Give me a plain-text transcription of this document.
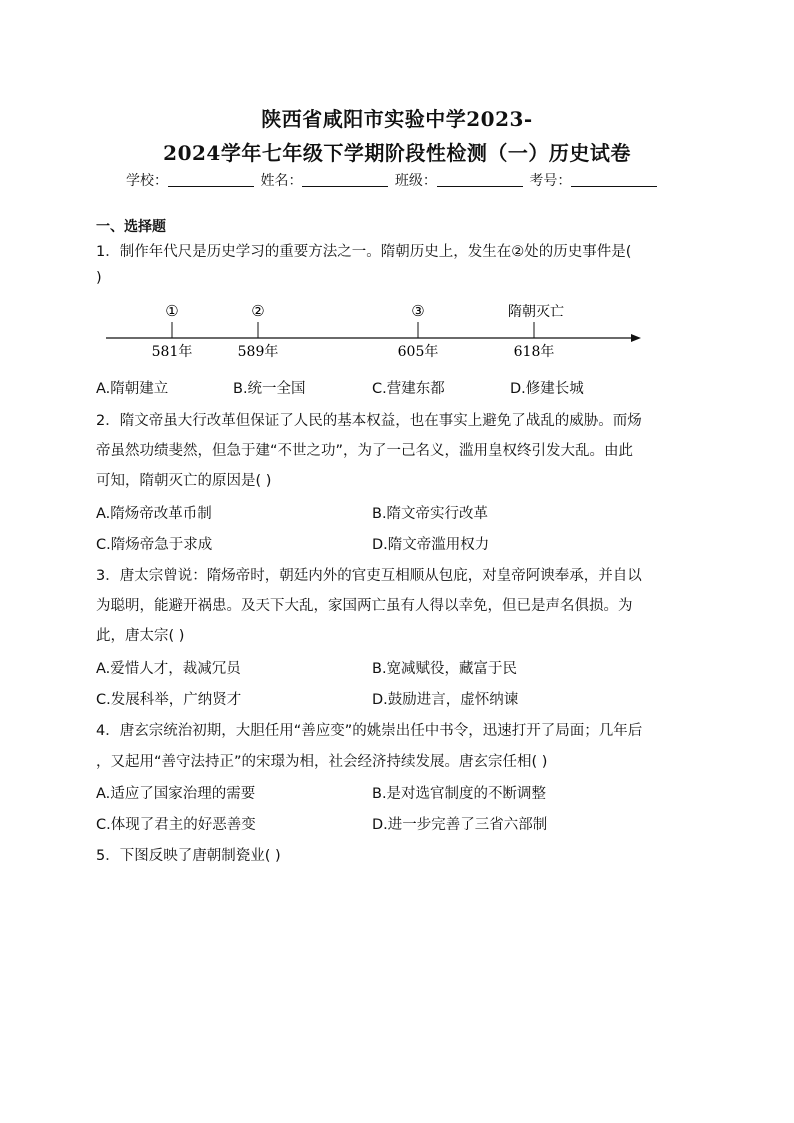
陕西省咸阳市实验中学2023-
2024学年七年级下学期阶段性检测（一）历史试卷
学校：	姓名：	班级：	考号：
一、选择题
1．制作年代尺是历史学习的重要方法之一。隋朝历史上，发生在②处的历史事件是(
)
①	②	③	隋朝灭亡
581年	589年	605年	618年
A.隋朝建立	B.统一全国	C.营建东都	D.修建长城
2．隋文帝虽大行改革但保证了人民的基本权益，也在事实上避免了战乱的威胁。而炀
帝虽然功绩斐然，但急于建“不世之功”，为了一己名义，滥用皇权终引发大乱。由此
可知，隋朝灭亡的原因是( )
A.隋炀帝改革币制	B.隋文帝实行改革
C.隋炀帝急于求成	D.隋文帝滥用权力
3．唐太宗曾说：隋炀帝时，朝廷内外的官吏互相顺从包庇，对皇帝阿谀奉承，并自以
为聪明，能避开祸患。及天下大乱，家国两亡虽有人得以幸免，但已是声名俱损。为
此，唐太宗( )
A.爱惜人才，裁减冗员	B.宽减赋役，藏富于民
C.发展科举，广纳贤才	D.鼓励进言，虚怀纳谏
4．唐玄宗统治初期，大胆任用“善应变”的姚崇出任中书令，迅速打开了局面；几年后
，又起用“善守法持正”的宋璟为相，社会经济持续发展。唐玄宗任相( )
A.适应了国家治理的需要	B.是对选官制度的不断调整
C.体现了君主的好恶善变	D.进一步完善了三省六部制
5．下图反映了唐朝制瓷业( )
